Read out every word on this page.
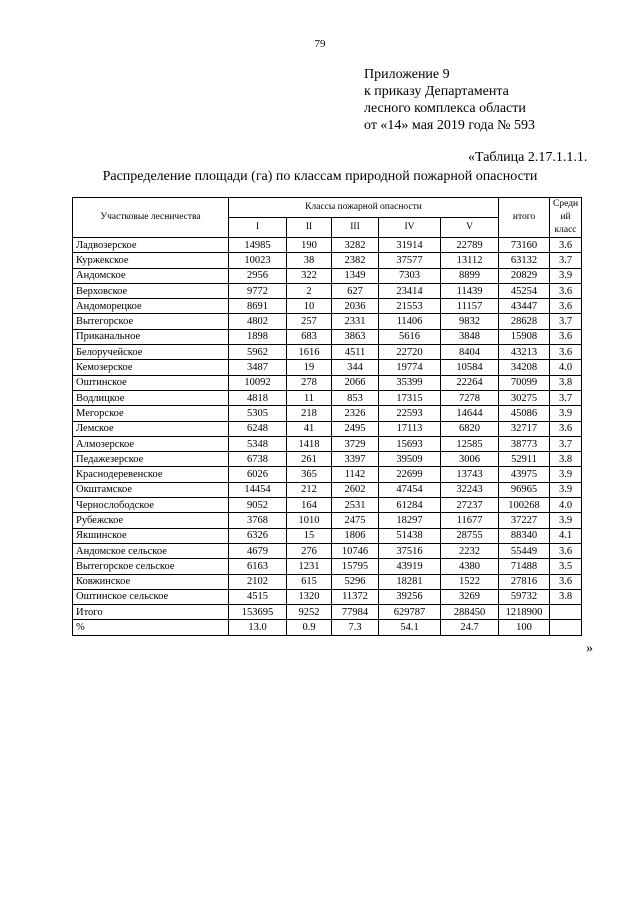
79
Приложение 9
к приказу Департамента
лесного комплекса области
от «14» мая 2019 года № 593
«Таблица 2.17.1.1.1.
Распределение площади (га) по классам природной пожарной опасности
Участковые лесничества	Классы пожарной опасности					итого	Средн
ий
класс
	I	II	III	IV	V		
Ладвозерское	14985	190	3282	31914	22789	73160	3.6
Куржекское	10023	38	2382	37577	13112	63132	3.7
Андомское	2956	322	1349	7303	8899	20829	3.9
Верховское	9772	2	627	23414	11439	45254	3.6
Андоморецкое	8691	10	2036	21553	11157	43447	3.6
Вытегорское	4802	257	2331	11406	9832	28628	3.7
Приканальное	1898	683	3863	5616	3848	15908	3.6
Белоручейское	5962	1616	4511	22720	8404	43213	3.6
Кемозерское	3487	19	344	19774	10584	34208	4.0
Оштинское	10092	278	2066	35399	22264	70099	3.8
Водлицкое	4818	11	853	17315	7278	30275	3.7
Мегорское	5305	218	2326	22593	14644	45086	3.9
Лемское	6248	41	2495	17113	6820	32717	3.6
Алмозерское	5348	1418	3729	15693	12585	38773	3.7
Педажезерское	6738	261	3397	39509	3006	52911	3.8
Краснодеревенское	6026	365	1142	22699	13743	43975	3.9
Окштамское	14454	212	2602	47454	32243	96965	3.9
Чернослободское	9052	164	2531	61284	27237	100268	4.0
Рубежское	3768	1010	2475	18297	11677	37227	3.9
Якшинское	6326	15	1806	51438	28755	88340	4.1
Андомское сельское	4679	276	10746	37516	2232	55449	3.6
Вытегорское сельское	6163	1231	15795	43919	4380	71488	3.5
Ковжинское	2102	615	5296	18281	1522	27816	3.6
Оштинское сельское	4515	1320	11372	39256	3269	59732	3.8
Итого	153695	9252	77984	629787	288450	1218900	
%	13.0	0.9	7.3	54.1	24.7	100	
»
